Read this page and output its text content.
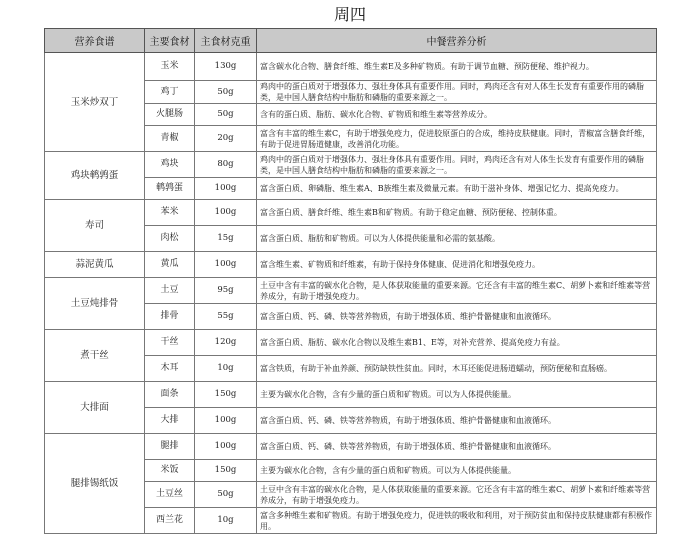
周四
营养食谱	主要食材	主食材克重	中餐营养分析
玉米炒双丁	玉米	130g	富含碳水化合物、膳食纤维、维生素E及多种矿物质。有助于调节血糖、预防便秘、维护视力。
	鸡丁	50g	鸡肉中的蛋白质对于增强体力、强壮身体具有重要作用。同时，鸡肉还含有对人体生长发育有重要作用的磷脂类，是中国人膳食结构中脂肪和磷脂的重要来源之一。
	火腿肠	50g	含有的蛋白质、脂肪、碳水化合物、矿物质和维生素等营养成分。
	青椒	20g	富含有丰富的维生素C，有助于增强免疫力，促进胶原蛋白的合成，维持皮肤健康。同时，青椒富含膳食纤维，有助于促进胃肠道健康，改善消化功能。
鸡块鹌鹑蛋	鸡块	80g	鸡肉中的蛋白质对于增强体力、强壮身体具有重要作用。同时，鸡肉还含有对人体生长发育有重要作用的磷脂类，是中国人膳食结构中脂肪和磷脂的重要来源之一。
	鹌鹑蛋	100g	富含蛋白质、卵磷脂、维生素A、B族维生素及微量元素。有助于滋补身体、增强记忆力、提高免疫力。
寿司	苯米	100g	富含蛋白质、膳食纤维、维生素B和矿物质。有助于稳定血糖、预防便秘、控制体重。
	肉松	15g	富含蛋白质、脂肪和矿物质。可以为人体提供能量和必需的氨基酸。
蒜泥黄瓜	黄瓜	100g	富含维生素、矿物质和纤维素，有助于保持身体健康、促进消化和增强免疫力。
土豆炖排骨	土豆	95g	土豆中含有丰富的碳水化合物，是人体获取能量的重要来源。它还含有丰富的维生素C、胡萝卜素和纤维素等营养成分，有助于增强免疫力。
	排骨	55g	富含蛋白质、钙、磷、铁等营养物质，有助于增强体质、维护骨骼健康和血液循环。
煮干丝	干丝	120g	富含蛋白质、脂肪、碳水化合物以及维生素B1、E等，对补充营养、提高免疫力有益。
	木耳	10g	富含铁质，有助于补血养颜、预防缺铁性贫血。同时，木耳还能促进肠道蠕动，预防便秘和直肠癌。
大排面	面条	150g	主要为碳水化合物，含有少量的蛋白质和矿物质。可以为人体提供能量。
	大排	100g	富含蛋白质、钙、磷、铁等营养物质，有助于增强体质、维护骨骼健康和血液循环。
腿排锡纸饭	腿排	100g	富含蛋白质、钙、磷、铁等营养物质，有助于增强体质、维护骨骼健康和血液循环。
	米饭	150g	主要为碳水化合物，含有少量的蛋白质和矿物质。可以为人体提供能量。
	土豆丝	50g	土豆中含有丰富的碳水化合物，是人体获取能量的重要来源。它还含有丰富的维生素C、胡萝卜素和纤维素等营养成分，有助于增强免疫力。
	西兰花	10g	富含多种维生素和矿物质。有助于增强免疫力，促进铁的吸收和利用，对于预防贫血和保持皮肤健康都有积极作用。
